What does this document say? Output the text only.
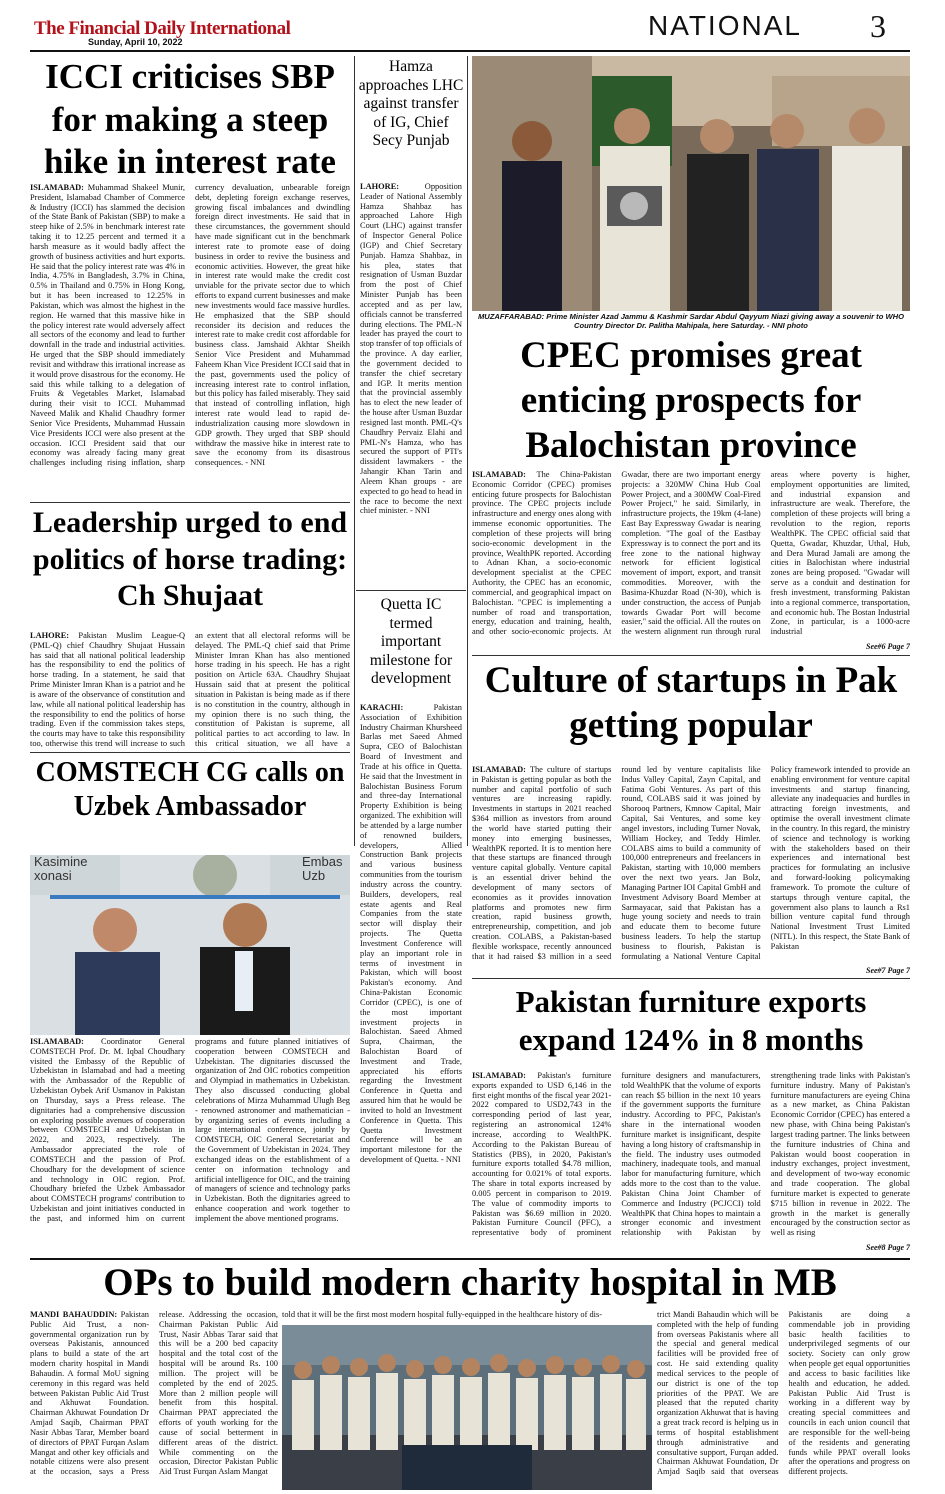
The Financial Daily International
Sunday, April 10, 2022
NATIONAL 3
ICCI criticises SBP for making a steep hike in interest rate
ISLAMABAD: Muhammad Shakeel Munir, President, Islamabad Chamber of Commerce & Industry (ICCI) has slammed the decision of the State Bank of Pakistan (SBP) to make a steep hike of 2.5% in benchmark interest rate taking it to 12.25 percent and termed it a harsh measure as it would badly affect the growth of business activities and hurt exports. He said that the policy interest rate was 4% in India, 4.75% in Bangladesh, 3.7% in China, 0.5% in Thailand and 0.75% in Hong Kong, but it has been increased to 12.25% in Pakistan, which was almost the highest in the region. He warned that this massive hike in the policy interest rate would adversely affect all sectors of the economy and lead to further downfall in the trade and industrial activities. He urged that the SBP should immediately revisit and withdraw this irrational increase as it would prove disastrous for the economy. He said this while talking to a delegation of Fruits & Vegetables Market, Islamabad during their visit to ICCI. Muhammad Naveed Malik and Khalid Chaudhry former Senior Vice Presidents, Muhammad Hussain Vice Presidents ICCI were also present at the occasion. ICCI President said that our economy was already facing many great challenges including rising inflation, sharp currency devaluation, unbearable foreign debt, depleting foreign exchange reserves, growing fiscal imbalances and dwindling foreign direct investments. He said that in these circumstances, the government should have made significant cut in the benchmark interest rate to promote ease of doing business in order to revive the business and economic activities. However, the great hike in interest rate would make the credit cost unviable for the private sector due to which efforts to expand current businesses and make new investments would face massive hurdles. He emphasized that the SBP should reconsider its decision and reduces the interest rate to make credit cost affordable for business class. Jamshaid Akhtar Sheikh Senior Vice President and Muhammad Faheem Khan Vice President ICCI said that in the past, governments used the policy of increasing interest rate to control inflation, but this policy has failed miserably. They said that instead of controlling inflation, high interest rate would lead to rapid de-industrialization causing more slowdown in GDP growth. They urged that SBP should withdraw the massive hike in interest rate to save the economy from its disastrous consequences. - NNI
Hamza approaches LHC against transfer of IG, Chief Secy Punjab
LAHORE: Opposition Leader of National Assembly Hamza Shahbaz has approached Lahore High Court (LHC) against transfer of Inspector General Police (IGP) and Chief Secretary Punjab. Hamza Shahbaz, in his plea, states that resignation of Usman Buzdar from the post of Chief Minister Punjab has been accepted and as per law, officials cannot be transferred during elections. The PML-N leader has prayed the court to stop transfer of top officials of the province. A day earlier, the government decided to transfer the chief secretary and IGP. It merits mention that the provincial assembly has to elect the new leader of the house after Usman Buzdar resigned last month. PML-Q's Chaudhry Pervaiz Elahi and PML-N's Hamza, who has secured the support of PTI's dissident lawmakers - the Jahangir Khan Tarin and Aleem Khan groups - are expected to go head to head in the race to become the next chief minister. - NNI
MUZAFFARABAD: Prime Minister Azad Jammu & Kashmir Sardar Abdul Qayyum Niazi giving away a souvenir to WHO Country Director Dr. Palitha Mahipala, here Saturday. - NNI photo
CPEC promises great enticing prospects for Balochistan province
ISLAMABAD: The China-Pakistan Economic Corridor (CPEC) promises enticing future prospects for Balochistan province. The CPEC projects include infrastructure and energy ones along with immense economic opportunities. The completion of these projects will bring socio-economic development in the province, WealthPK reported. According to Adnan Khan, a socio-economic development specialist at the CPEC Authority, the CPEC has an economic, commercial, and geographical impact on Balochistan. "CPEC is implementing a number of road and transportation, energy, education and training, health, and other socio-economic projects. At Gwadar, there are two important energy projects: a 320MW China Hub Coal Power Project, and a 300MW Coal-Fired Power Project," he said. Similarly, in infrastructure projects, the 19km (4-lane) East Bay Expressway Gwadar is nearing completion. "The goal of the Eastbay Expressway is to connect the port and its free zone to the national highway network for efficient logistical movement of import, export, and transit commodities. Moreover, with the Basima-Khuzdar Road (N-30), which is under construction, the access of Punjab towards Gwadar Port will become easier," said the official. All the routes on the western alignment run through rural areas where poverty is higher, employment opportunities are limited, and industrial expansion and infrastructure are weak. Therefore, the completion of these projects will bring a revolution to the region, reports WealthPK. The CPEC official said that Quetta, Gwadar, Khuzdar, Uthal, Hub, and Dera Murad Jamali are among the cities in Balochistan where industrial zones are being proposed. "Gwadar will serve as a conduit and destination for fresh investment, transforming Pakistan into a regional commerce, transportation, and economic hub. The Bostan Industrial Zone, in particular, is a 1000-acre industrial
See#6 Page 7
Leadership urged to end politics of horse trading: Ch Shujaat
LAHORE: Pakistan Muslim League-Q (PML-Q) chief Chaudhry Shujaat Hussain has said that all national political leadership has the responsibility to end the politics of horse trading. In a statement, he said that Prime Minister Imran Khan is a patriot and he is aware of the observance of constitution and law, while all national political leadership has the responsibility to end the politics of horse trading. Even if the commission takes steps, the courts may have to take this responsibility too, otherwise this trend will increase to such an extent that all electoral reforms will be delayed. The PML-Q chief said that Prime Minister Imran Khan has also mentioned horse trading in his speech. He has a right position on Article 63A. Chaudhry Shujaat Hussain said that at present the political situation in Pakistan is being made as if there is no constitution in the country, although in my opinion there is no such thing, the constitution of Pakistan is supreme, all political parties to act according to law. In this critical situation, we all have a
Quetta IC termed important milestone for development
KARACHI: Pakistan Association of Exhibition Industry Chairman Khursheed Barlas met Saeed Ahmed Supra, CEO of Balochistan Board of Investment and Trade at his office in Quetta. He said that the Investment in Balochistan Business Forum and three-day International Property Exhibition is being organized. The exhibition will be attended by a large number of renowned builders, developers, Allied Construction Bank projects and various business communities from the tourism industry across the country. Builders, developers, real estate agents and Real Companies from the state sector will display their projects. The Quetta Investment Conference will play an important role in terms of investment in Pakistan, which will boost Pakistan's economy. And China-Pakistan Economic Corridor (CPEC), is one of the most important investment projects in Balochistan. Saeed Ahmed Supra, Chairman, the Balochistan Board of Investment and Trade, appreciated his efforts regarding the Investment Conference in Quetta and assured him that he would be invited to hold an Investment Conference in Quetta. This Quetta Investment Conference will be an important milestone for the development of Quetta. - NNI
Culture of startups in Pak getting popular
ISLAMABAD: The culture of startups in Pakistan is getting popular as both the number and capital portfolio of such ventures are increasing rapidly. Investments in startups in 2021 reached $364 million as investors from around the world have started putting their money into emerging businesses, WealthPK reported. It is to mention here that these startups are financed through venture capital globally. Venture capital is an essential driver behind the development of many sectors of economies as it provides innovation platforms and promotes new firm creation, rapid business growth, entrepreneurship, competition, and job creation. COLABS, a Pakistan-based flexible workspace, recently announced that it had raised $3 million in a seed round led by venture capitalists like Indus Valley Capital, Zayn Capital, and Fatima Gobi Ventures. As part of this round, COLABS said it was joined by Shorooq Partners, Kmnow Capital, Mair Capital, Sai Ventures, and some key angel investors, including Turner Novak, William Hockey, and Teddy Himler. COLABS aims to build a community of 100,000 entrepreneurs and freelancers in Pakistan, starting with 10,000 members over the next two years. Jan Bolz, Managing Partner IOI Capital GmbH and Investment Advisory Board Member at Sarmayacar, said that Pakistan has a huge young society and needs to train and educate them to become future business leaders. To help the startup business to flourish, Pakistan is formulating a National Venture Capital Policy framework intended to provide an enabling environment for venture capital investments and startup financing, alleviate any inadequacies and hurdles in attracting foreign investments, and optimise the overall investment climate in the country. In this regard, the ministry of science and technology is working with the stakeholders based on their experiences and international best practices for formulating an inclusive and forward-looking policymaking framework. To promote the culture of startups through venture capital, the government also plans to launch a Rs1 billion venture capital fund through National Investment Trust Limited (NITL). In this respect, the State Bank of Pakistan
See#7 Page 7
COMSTECH CG calls on Uzbek Ambassador
Kasimine
xonasi
Embas
Uzb
ISLAMABAD: Coordinator General COMSTECH Prof. Dr. M. Iqbal Choudhary visited the Embassy of the Republic of Uzbekistan in Islamabad and had a meeting with the Ambassador of the Republic of Uzbekistan Oybek Arif Usmanov in Pakistan on Thursday, says a Press release. The dignitaries had a comprehensive discussion on exploring possible avenues of cooperation between COMSTECH and Uzbekistan in 2022, and 2023, respectively. The Ambassador appreciated the role of COMSTECH and the passion of Prof. Choudhary for the development of science and technology in OIC region. Prof. Choudhary briefed the Uzbek Ambassador about COMSTECH programs' contribution to Uzbekistan and joint initiatives conducted in the past, and informed him on current programs and future planned initiatives of cooperation between COMSTECH and Uzbekistan. The dignitaries discussed the organization of 2nd OIC robotics competition and Olympiad in mathematics in Uzbekistan. They also discussed conducting global celebrations of Mirza Muhammad Ulugh Beg - renowned astronomer and mathematician - by organizing series of events including a large international conference, jointly by COMSTECH, OIC General Secretariat and the Government of Uzbekistan in 2024. They exchanged ideas on the establishment of a center on information technology and artificial intelligence for OIC, and the training of managers of science and technology parks in Uzbekistan. Both the dignitaries agreed to enhance cooperation and work together to implement the above mentioned programs.
Pakistan furniture exports expand 124% in 8 months
ISLAMABAD: Pakistan's furniture exports expanded to USD 6,146 in the first eight months of the fiscal year 2021-2022 compared to USD2,743 in the corresponding period of last year, registering an astronomical 124% increase, according to WealthPK. According to the Pakistan Bureau of Statistics (PBS), in 2020, Pakistan's furniture exports totalled $4.78 million, accounting for 0.021% of total exports. The share in total exports increased by 0.005 percent in comparison to 2019. The value of commodity imports to Pakistan was $6.69 million in 2020. Pakistan Furniture Council (PFC), a representative body of prominent furniture designers and manufacturers, told WealthPK that the volume of exports can reach $5 billion in the next 10 years if the government supports the furniture industry. According to PFC, Pakistan's share in the international wooden furniture market is insignificant, despite having a long history of craftsmanship in the field. The industry uses outmoded machinery, inadequate tools, and manual labor for manufacturing furniture, which adds more to the cost than to the value. Pakistan China Joint Chamber of Commerce and Industry (PCJCCI) told WealthPK that China hopes to maintain a stronger economic and investment relationship with Pakistan by strengthening trade links with Pakistan's furniture industry. Many of Pakistan's furniture manufacturers are eyeing China as a new market, as China Pakistan Economic Corridor (CPEC) has entered a new phase, with China being Pakistan's largest trading partner. The links between the furniture industries of China and Pakistan would boost cooperation in industry exchanges, project investment, and development of two-way economic and trade cooperation. The global furniture market is expected to generate $715 billion in revenue in 2022. The growth in the market is generally encouraged by the construction sector as well as rising
See#8 Page 7
OPs to build modern charity hospital in MB
MANDI BAHAUDDIN: Pakistan Public Aid Trust, a non-governmental organization run by overseas Pakistanis, announced plans to build a state of the art modern charity hospital in Mandi Bahaudin. A formal MoU signing ceremony in this regard was held between Pakistan Public Aid Trust and Akhuwat Foundation. Chairman Akhuwat Foundation Dr Amjad Saqib, Chairman PPAT Nasir Abbas Tarar, Member board of directors of PPAT Furqan Aslam Mangat and other key officials and notable citizens were also present at the occasion, says a Press release. Addressing the occasion, Chairman Pakistan Public Aid Trust, Nasir Abbas Tarar said that this will be a 200 bed capacity hospital and the total cost of the hospital will be around Rs. 100 million. The project will be completed by the end of 2025. More than 2 million people will benefit from this hospital. Chairman PPAT appreciated the efforts of youth working for the cause of social betterment in different areas of the district. While commenting on the occasion, Director Pakistan Public Aid Trust Furqan Aslam Mangat
told that it will be the first most modern hospital fully-equipped in the healthcare history of dis-	trict Mandi Bahaudin which will be completed with the help of funding from overseas Pakistanis where all the special and general medical facilities will be provided free of cost. He said extending quality medical services to the people of our district is one of the top priorities of the PPAT. We are pleased that the reputed charity organization Akhuwat that is having a great track record is helping us in terms of hospital establishment through administrative and consultative support, Furqan added. Chairman Akhuwat Foundation, Dr Amjad Saqib said that overseas Pakistanis are doing a commendable job in providing basic health facilities to underprivileged segments of our society. Society can only grow when people get equal opportunities and access to basic facilities like health and education, he added. Pakistan Public Aid Trust is working in a different way by creating special committees and councils in each union council that are responsible for the well-being of the residents and generating funds while PPAT overall looks after the operations and progress on different projects.
